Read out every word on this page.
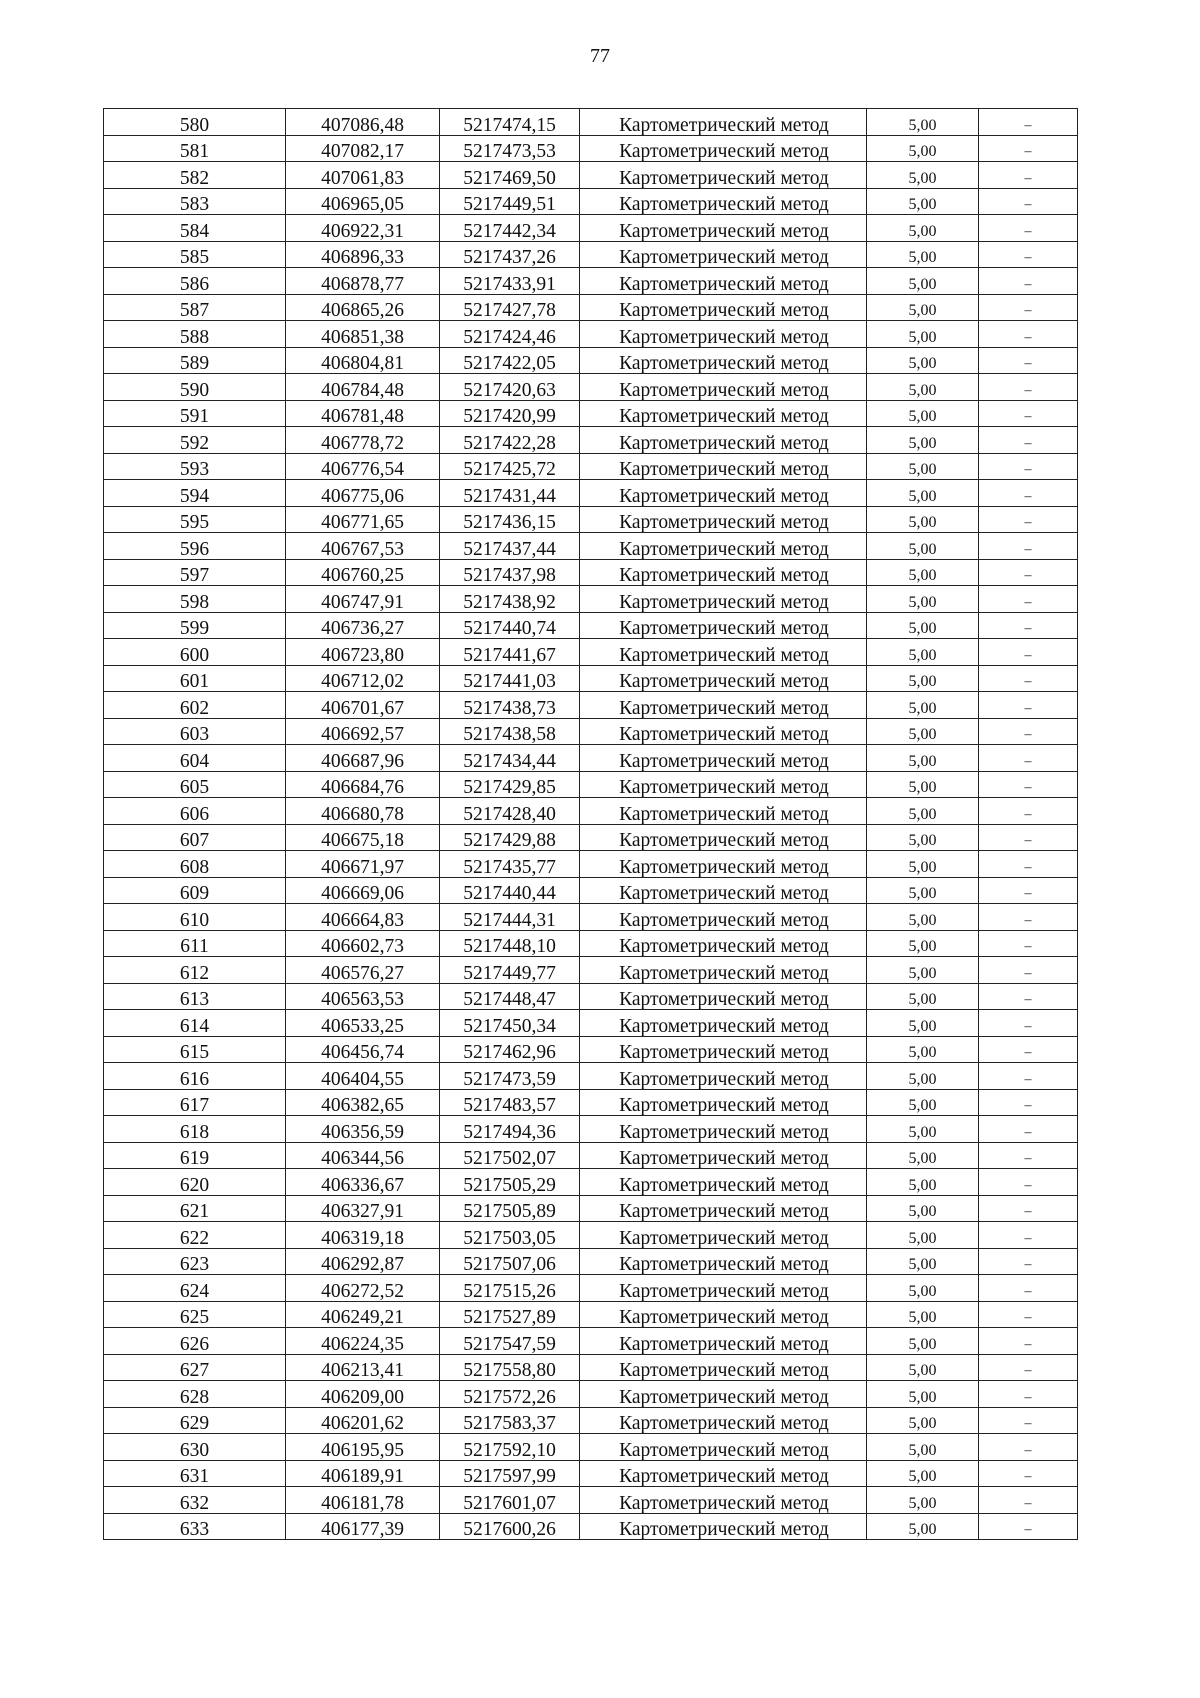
77
580	407086,48	5217474,15	Картометрический метод	5,00	–
581	407082,17	5217473,53	Картометрический метод	5,00	–
582	407061,83	5217469,50	Картометрический метод	5,00	–
583	406965,05	5217449,51	Картометрический метод	5,00	–
584	406922,31	5217442,34	Картометрический метод	5,00	–
585	406896,33	5217437,26	Картометрический метод	5,00	–
586	406878,77	5217433,91	Картометрический метод	5,00	–
587	406865,26	5217427,78	Картометрический метод	5,00	–
588	406851,38	5217424,46	Картометрический метод	5,00	–
589	406804,81	5217422,05	Картометрический метод	5,00	–
590	406784,48	5217420,63	Картометрический метод	5,00	–
591	406781,48	5217420,99	Картометрический метод	5,00	–
592	406778,72	5217422,28	Картометрический метод	5,00	–
593	406776,54	5217425,72	Картометрический метод	5,00	–
594	406775,06	5217431,44	Картометрический метод	5,00	–
595	406771,65	5217436,15	Картометрический метод	5,00	–
596	406767,53	5217437,44	Картометрический метод	5,00	–
597	406760,25	5217437,98	Картометрический метод	5,00	–
598	406747,91	5217438,92	Картометрический метод	5,00	–
599	406736,27	5217440,74	Картометрический метод	5,00	–
600	406723,80	5217441,67	Картометрический метод	5,00	–
601	406712,02	5217441,03	Картометрический метод	5,00	–
602	406701,67	5217438,73	Картометрический метод	5,00	–
603	406692,57	5217438,58	Картометрический метод	5,00	–
604	406687,96	5217434,44	Картометрический метод	5,00	–
605	406684,76	5217429,85	Картометрический метод	5,00	–
606	406680,78	5217428,40	Картометрический метод	5,00	–
607	406675,18	5217429,88	Картометрический метод	5,00	–
608	406671,97	5217435,77	Картометрический метод	5,00	–
609	406669,06	5217440,44	Картометрический метод	5,00	–
610	406664,83	5217444,31	Картометрический метод	5,00	–
611	406602,73	5217448,10	Картометрический метод	5,00	–
612	406576,27	5217449,77	Картометрический метод	5,00	–
613	406563,53	5217448,47	Картометрический метод	5,00	–
614	406533,25	5217450,34	Картометрический метод	5,00	–
615	406456,74	5217462,96	Картометрический метод	5,00	–
616	406404,55	5217473,59	Картометрический метод	5,00	–
617	406382,65	5217483,57	Картометрический метод	5,00	–
618	406356,59	5217494,36	Картометрический метод	5,00	–
619	406344,56	5217502,07	Картометрический метод	5,00	–
620	406336,67	5217505,29	Картометрический метод	5,00	–
621	406327,91	5217505,89	Картометрический метод	5,00	–
622	406319,18	5217503,05	Картометрический метод	5,00	–
623	406292,87	5217507,06	Картометрический метод	5,00	–
624	406272,52	5217515,26	Картометрический метод	5,00	–
625	406249,21	5217527,89	Картометрический метод	5,00	–
626	406224,35	5217547,59	Картометрический метод	5,00	–
627	406213,41	5217558,80	Картометрический метод	5,00	–
628	406209,00	5217572,26	Картометрический метод	5,00	–
629	406201,62	5217583,37	Картометрический метод	5,00	–
630	406195,95	5217592,10	Картометрический метод	5,00	–
631	406189,91	5217597,99	Картометрический метод	5,00	–
632	406181,78	5217601,07	Картометрический метод	5,00	–
633	406177,39	5217600,26	Картометрический метод	5,00	–
